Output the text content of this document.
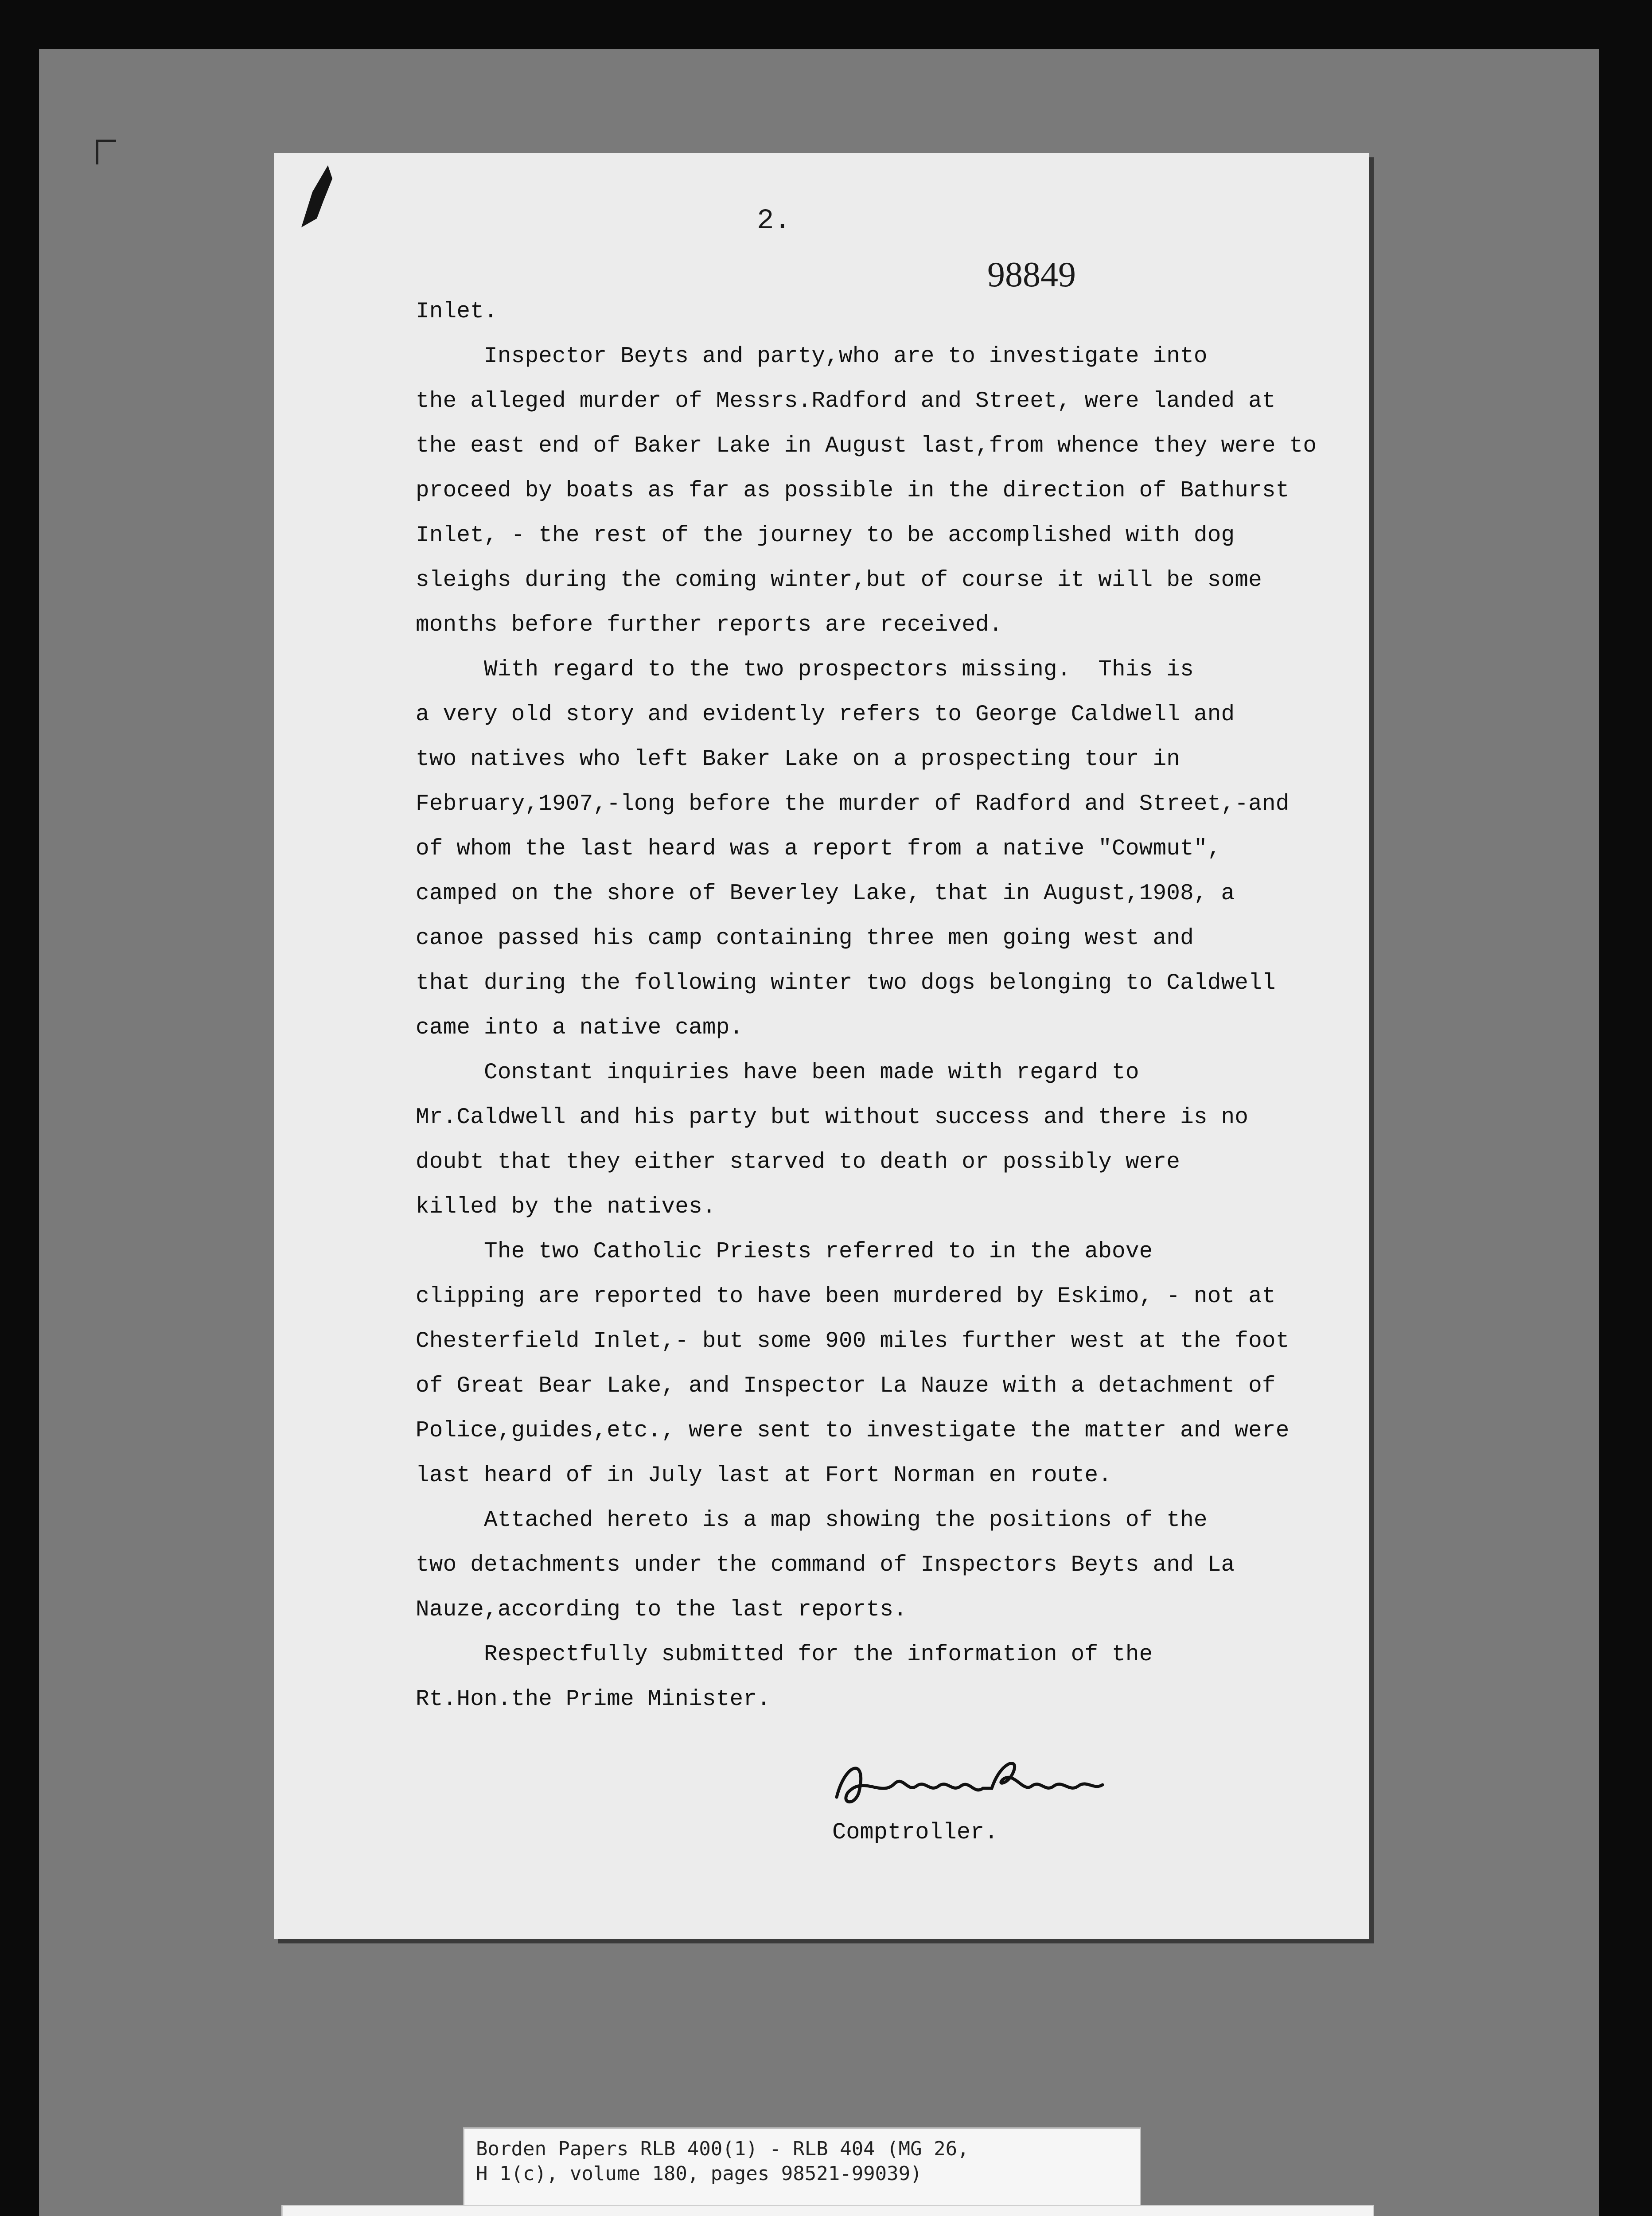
2.
98849
Inlet.
Inspector Beyts and party,who are to investigate into
the alleged murder of Messrs.Radford and Street, were landed at
the east end of Baker Lake in August last,from whence they were to
proceed by boats as far as possible in the direction of Bathurst
Inlet, - the rest of the journey to be accomplished with dog
sleighs during the coming winter,but of course it will be some
months before further reports are received.
With regard to the two prospectors missing.  This is
a very old story and evidently refers to George Caldwell and
two natives who left Baker Lake on a prospecting tour in
February,1907,-long before the murder of Radford and Street,-and
of whom the last heard was a report from a native "Cowmut",
camped on the shore of Beverley Lake, that in August,1908, a
canoe passed his camp containing three men going west and
that during the following winter two dogs belonging to Caldwell
came into a native camp.
Constant inquiries have been made with regard to
Mr.Caldwell and his party but without success and there is no
doubt that they either starved to death or possibly were
killed by the natives.
The two Catholic Priests referred to in the above
clipping are reported to have been murdered by Eskimo, - not at
Chesterfield Inlet,- but some 900 miles further west at the foot
of Great Bear Lake, and Inspector La Nauze with a detachment of
Police,guides,etc., were sent to investigate the matter and were
last heard of in July last at Fort Norman en route.
Attached hereto is a map showing the positions of the
two detachments under the command of Inspectors Beyts and La
Nauze,according to the last reports.
Respectfully submitted for the information of the
Rt.Hon.the Prime Minister.
Comptroller.
Borden Papers RLB 400(1) - RLB 404 (MG 26,
H 1(c), volume 180, pages 98521-99039)
